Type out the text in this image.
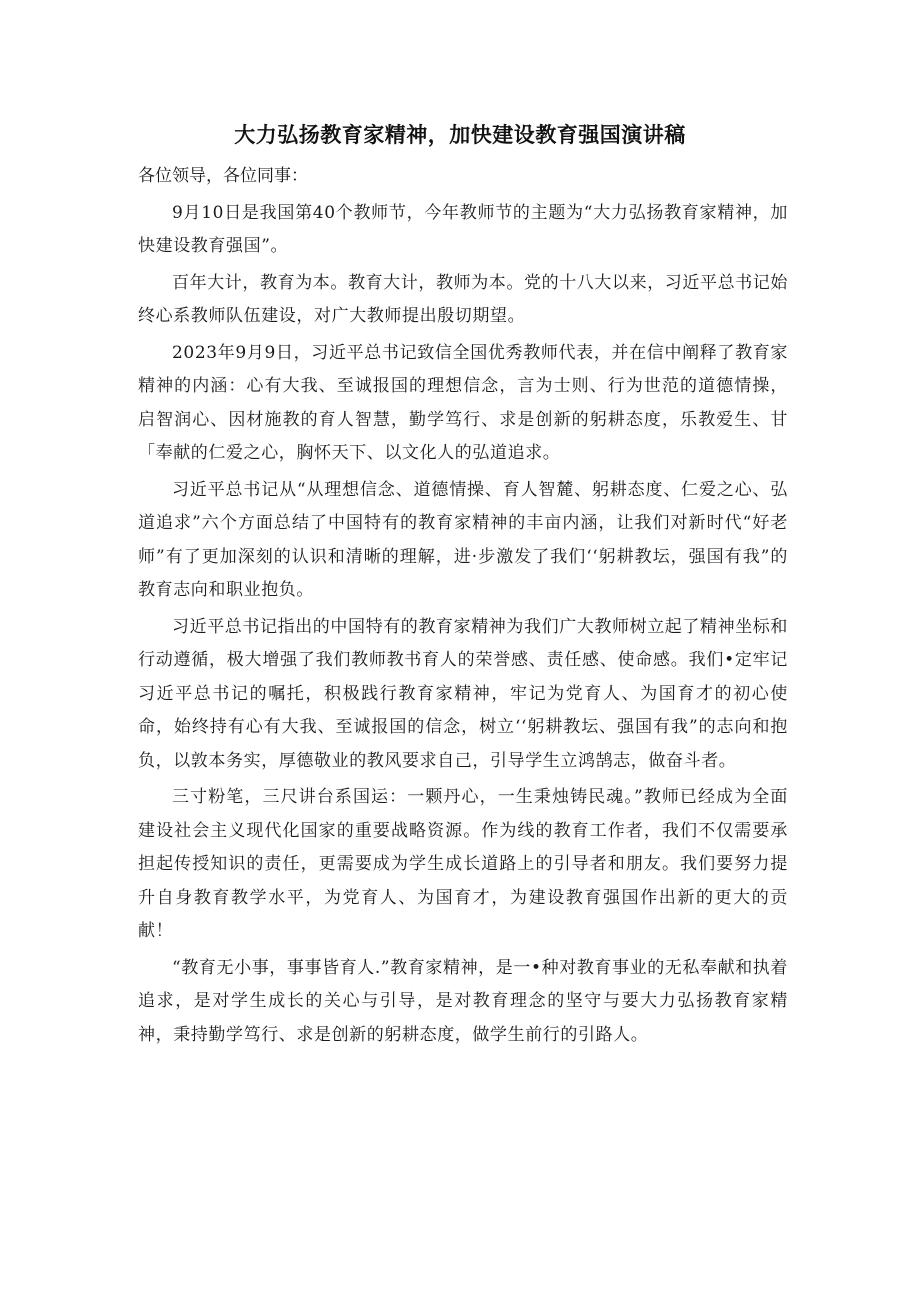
大力弘扬教育家精神，加快建设教育强国演讲稿

各位领导，各位同事：

9月10日是我国第40个教师节，今年教师节的主题为“大力弘扬教育家精神，加快建设教育强国”。

百年大计，教育为本。教育大计，教师为本。党的十八大以来，习近平总书记始终心系教师队伍建设，对广大教师提出殷切期望。

2023年9月9日，习近平总书记致信全国优秀教师代表，并在信中阐释了教育家精神的内涵：心有大我、至诚报国的理想信念，言为士则、行为世范的道德情操，启智润心、因材施教的育人智慧，勤学笃行、求是创新的躬耕态度，乐教爱生、甘「奉献的仁爱之心，胸怀天下、以文化人的弘道追求。

习近平总书记从“从理想信念、道德情操、育人智麓、躬耕态度、仁爱之心、弘道追求”六个方面总结了中国特有的教育家精神的丰亩内涵，让我们对新时代“好老师”有了更加深刻的认识和清晰的理解，进·步激发了我们‘‘躬耕教坛，强国有我”的教育志向和职业抱负。

习近平总书记指出的中国特有的教育家精神为我们广大教师树立起了精神坐标和行动遵循，极大增强了我们教师教书育人的荣誉感、责任感、使命感。我们•定牢记习近平总书记的嘱托，积极践行教育家精神，牢记为党育人、为国育才的初心使命，始终持有心有大我、至诚报国的信念，树立‘‘躬耕教坛、强国有我”的志向和抱负，以敦本务实，厚德敬业的教风要求自己，引导学生立鸿鹄志，做奋斗者。

三寸粉笔，三尺讲台系国运：一颗丹心，一生秉烛铸民魂。”教师已经成为全面建设社会主义现代化国家的重要战略资源。作为线的教育工作者，我们不仅需要承担起传授知识的责任，更需要成为学生成长道路上的引导者和朋友。我们要努力提升自身教育教学水平，为党育人、为国育才，为建设教育强国作出新的更大的贡献！

“教育无小事，事事皆育人.”教育家精神，是一•种对教育事业的无私奉献和执着追求，是对学生成长的关心与引导，是对教育理念的坚守与要大力弘扬教育家精神，秉持勤学笃行、求是创新的躬耕态度，做学生前行的引路人。
